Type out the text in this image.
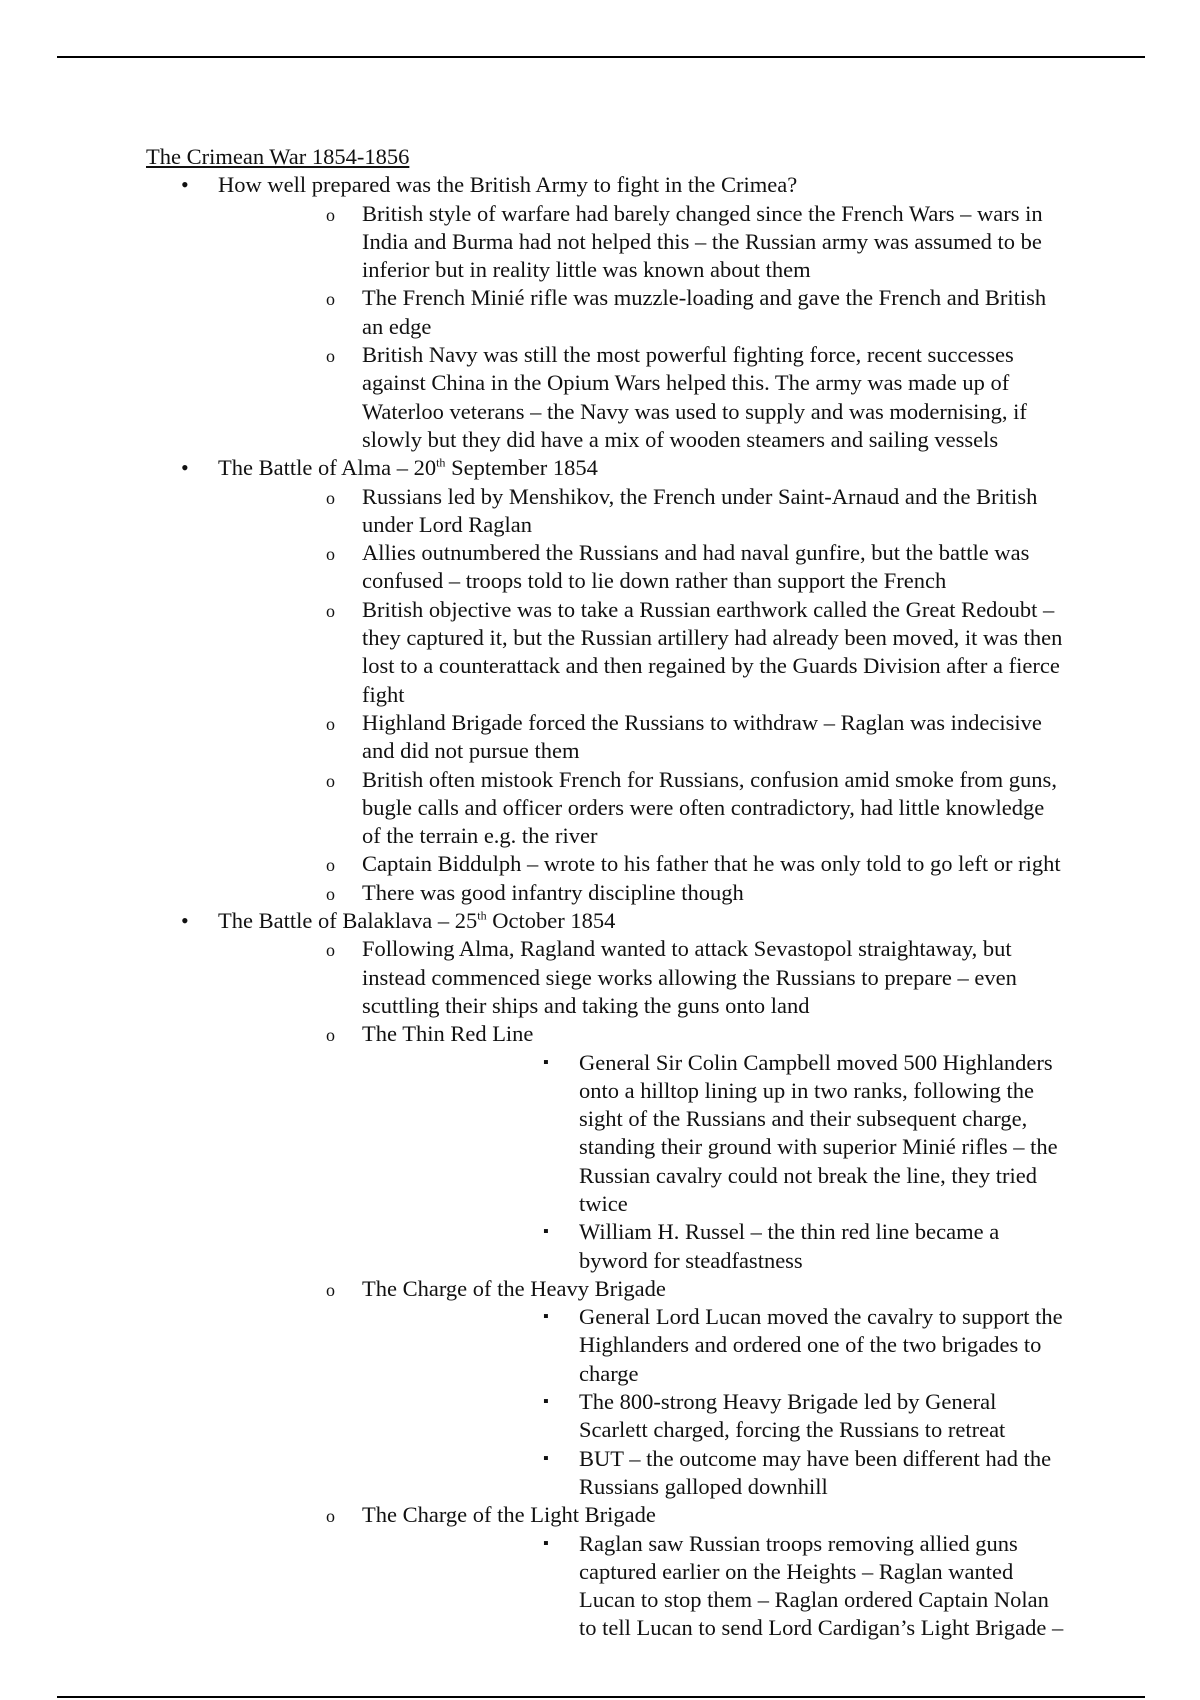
The Crimean War 1854-1856
• How well prepared was the British Army to fight in the Crimea?
o British style of warfare had barely changed since the French Wars – wars in India and Burma had not helped this – the Russian army was assumed to be inferior but in reality little was known about them
o The French Minié rifle was muzzle-loading and gave the French and British an edge
o British Navy was still the most powerful fighting force, recent successes against China in the Opium Wars helped this. The army was made up of Waterloo veterans – the Navy was used to supply and was modernising, if slowly but they did have a mix of wooden steamers and sailing vessels
• The Battle of Alma – 20th September 1854
o Russians led by Menshikov, the French under Saint-Arnaud and the British under Lord Raglan
o Allies outnumbered the Russians and had naval gunfire, but the battle was confused – troops told to lie down rather than support the French
o British objective was to take a Russian earthwork called the Great Redoubt – they captured it, but the Russian artillery had already been moved, it was then lost to a counterattack and then regained by the Guards Division after a fierce fight
o Highland Brigade forced the Russians to withdraw – Raglan was indecisive and did not pursue them
o British often mistook French for Russians, confusion amid smoke from guns, bugle calls and officer orders were often contradictory, had little knowledge of the terrain e.g. the river
o Captain Biddulph – wrote to his father that he was only told to go left or right
o There was good infantry discipline though
• The Battle of Balaklava – 25th October 1854
o Following Alma, Ragland wanted to attack Sevastopol straightaway, but instead commenced siege works allowing the Russians to prepare – even scuttling their ships and taking the guns onto land
o The Thin Red Line
▪ General Sir Colin Campbell moved 500 Highlanders onto a hilltop lining up in two ranks, following the sight of the Russians and their subsequent charge, standing their ground with superior Minié rifles – the Russian cavalry could not break the line, they tried twice
▪ William H. Russel – the thin red line became a byword for steadfastness
o The Charge of the Heavy Brigade
▪ General Lord Lucan moved the cavalry to support the Highlanders and ordered one of the two brigades to charge
▪ The 800-strong Heavy Brigade led by General Scarlett charged, forcing the Russians to retreat
▪ BUT – the outcome may have been different had the Russians galloped downhill
o The Charge of the Light Brigade
▪ Raglan saw Russian troops removing allied guns captured earlier on the Heights – Raglan wanted Lucan to stop them – Raglan ordered Captain Nolan to tell Lucan to send Lord Cardigan’s Light Brigade –
